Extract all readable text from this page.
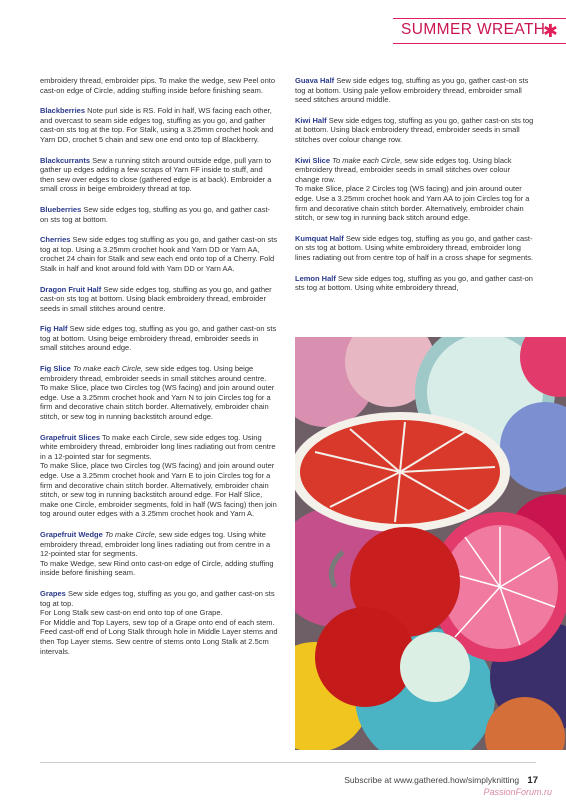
SUMMER WREATH
✱

embroidery thread, embroider pips. To make the wedge, sew Peel onto cast-on edge of Circle, adding stuffing inside before finishing seam.

Blackberries Note purl side is RS. Fold in half, WS facing each other, and overcast to seam side edges tog, stuffing as you go, and gather cast-on sts tog at the top. For Stalk, using a 3.25mm crochet hook and Yarn DD, crochet 5 chain and sew one end onto top of Blackberry.

Blackcurrants Sew a running stitch around outside edge, pull yarn to gather up edges adding a few scraps of Yarn FF inside to stuff, and then sew over edges to close (gathered edge is at back). Embroider a small cross in beige embroidery thread at top.

Blueberries Sew side edges tog, stuffing as you go, and gather cast-on sts tog at bottom.

Cherries Sew side edges tog stuffing as you go, and gather cast-on sts tog at top. Using a 3.25mm crochet hook and Yarn DD or Yarn AA, crochet 24 chain for Stalk and sew each end onto top of a Cherry. Fold Stalk in half and knot around fold with Yarn DD or Yarn AA.

Dragon Fruit Half Sew side edges tog, stuffing as you go, and gather cast-on sts tog at bottom. Using black embroidery thread, embroider seeds in small stitches around centre.

Fig Half Sew side edges tog, stuffing as you go, and gather cast-on sts tog at bottom. Using beige embroidery thread, embroider seeds in small stitches around edge.

Fig Slice To make each Circle, sew side edges tog. Using beige embroidery thread, embroider seeds in small stitches around centre.

To make Slice, place two Circles tog (WS facing) and join around outer edge. Use a 3.25mm crochet hook and Yarn N to join Circles tog for a firm and decorative chain stitch border. Alternatively, embroider chain stitch, or sew tog in running backstitch around edge.

Grapefruit Slices To make each Circle, sew side edges tog. Using white embroidery thread, embroider long lines radiating out from centre in a 12-pointed star for segments.

To make Slice, place two Circles tog (WS facing) and join around outer edge. Use a 3.25mm crochet hook and Yarn E to join Circles tog for a firm and decorative chain stitch border. Alternatively, embroider chain stitch, or sew tog in running backstitch around edge. For Half Slice, make one Circle, embroider segments, fold in half (WS facing) then join tog around outer edges with a 3.25mm crochet hook and Yarn A.

Grapefruit Wedge To make Circle, sew side edges tog. Using white embroidery thread, embroider long lines radiating out from centre in a 12-pointed star for segments.

To make Wedge, sew Rind onto cast-on edge of Circle, adding stuffing inside before finishing seam.

Grapes Sew side edges tog, stuffing as you go, and gather cast-on sts tog at top.

For Long Stalk sew cast-on end onto top of one Grape.

For Middle and Top Layers, sew top of a Grape onto end of each stem. Feed cast-off end of Long Stalk through hole in Middle Layer stems and then Top Layer stems. Sew centre of stems onto Long Stalk at 2.5cm intervals.

Guava Half Sew side edges tog, stuffing as you go, gather cast-on sts tog at bottom. Using pale yellow embroidery thread, embroider small seed stitches around middle.

Kiwi Half Sew side edges tog, stuffing as you go, gather cast-on sts tog at bottom. Using black embroidery thread, embroider seeds in small stitches over colour change row.

Kiwi Slice To make each Circle, sew side edges tog. Using black embroidery thread, embroider seeds in small stitches over colour change row.

To make Slice, place 2 Circles tog (WS facing) and join around outer edge. Use a 3.25mm crochet hook and Yarn AA to join Circles tog for a firm and decorative chain stitch border. Alternatively, embroider chain stitch, or sew tog in running back stitch around edge.

Kumquat Half Sew side edges tog, stuffing as you go, and gather cast-on sts tog at bottom. Using white embroidery thread, embroider long lines radiating out from centre top of half in a cross shape for segments.

Lemon Half Sew side edges tog, stuffing as you go, and gather cast-on sts tog at bottom. Using white embroidery thread,

Subscribe at www.gathered.how/simplyknitting 17
PassionForum.ru
